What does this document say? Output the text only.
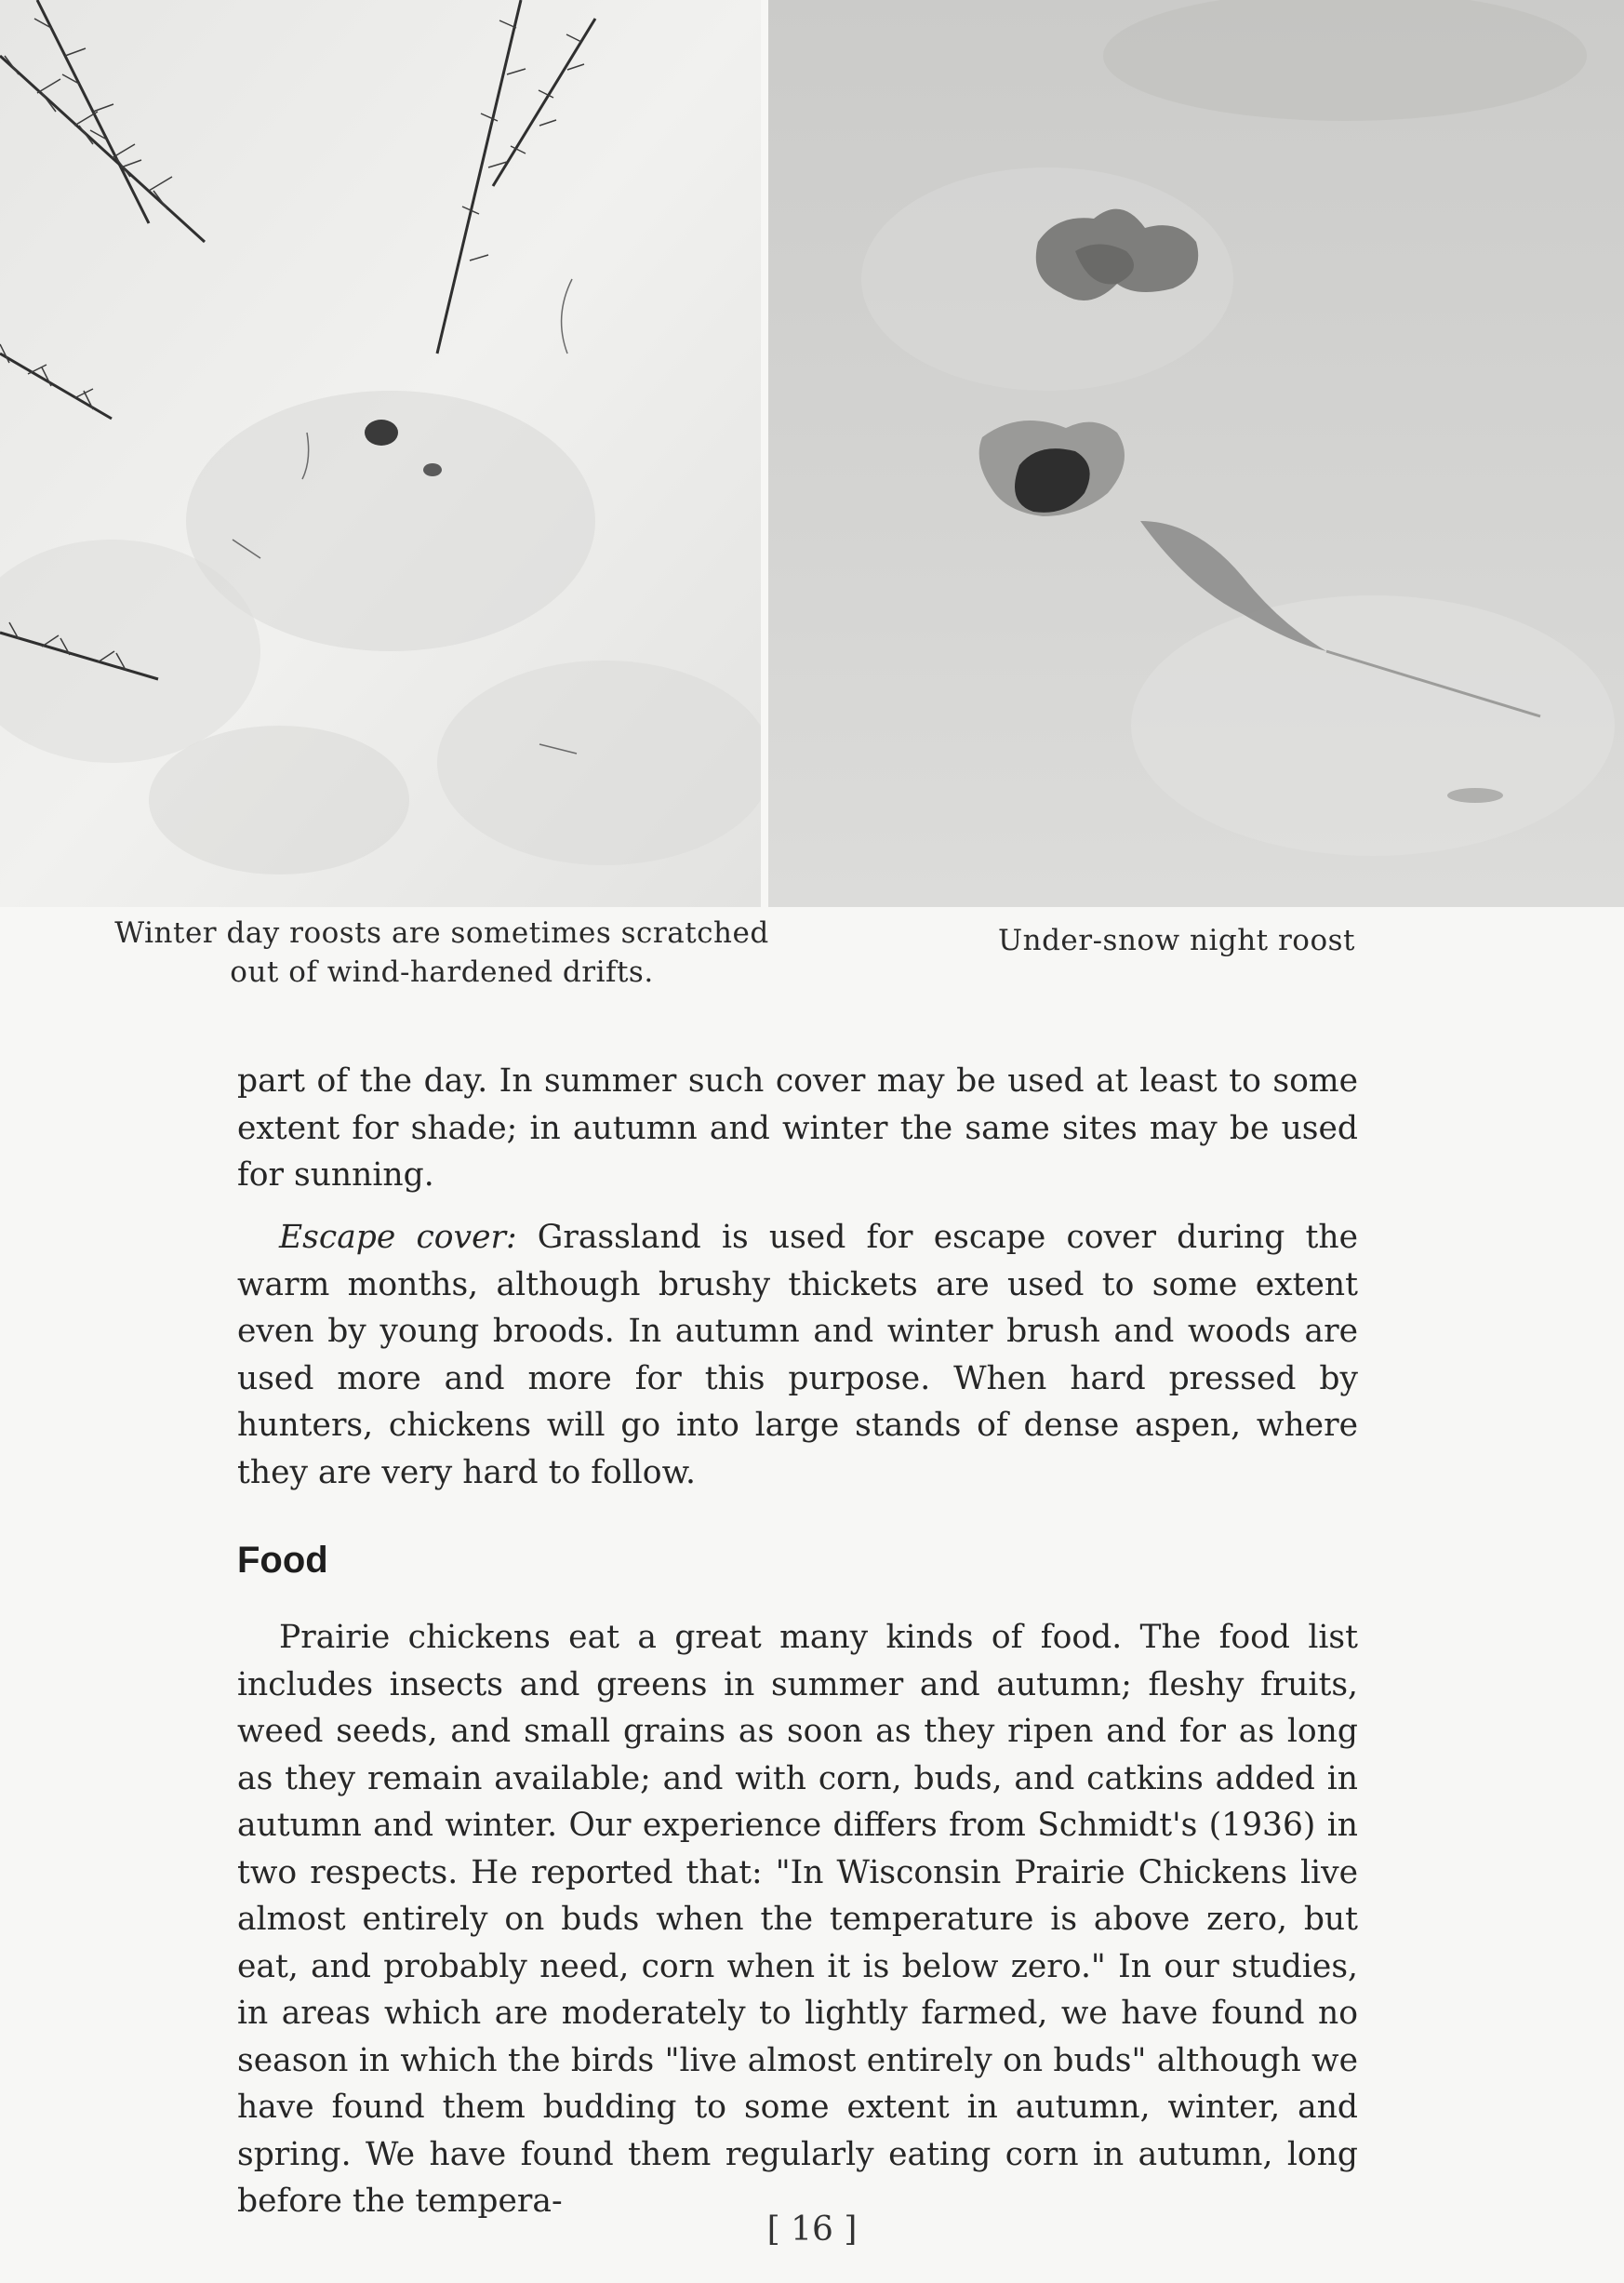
Winter day roosts are sometimes scratched out of wind-hardened drifts.
Under-snow night roost

part of the day. In summer such cover may be used at least to some extent for shade; in autumn and winter the same sites may be used for sunning.

Escape cover: Grassland is used for escape cover during the warm months, although brushy thickets are used to some extent even by young broods. In autumn and winter brush and woods are used more and more for this purpose. When hard pressed by hunters, chickens will go into large stands of dense aspen, where they are very hard to follow.

Food

Prairie chickens eat a great many kinds of food. The food list includes insects and greens in summer and autumn; fleshy fruits, weed seeds, and small grains as soon as they ripen and for as long as they remain available; and with corn, buds, and catkins added in autumn and winter. Our experience differs from Schmidt's (1936) in two respects. He reported that: "In Wisconsin Prairie Chickens live almost entirely on buds when the temperature is above zero, but eat, and probably need, corn when it is below zero." In our studies, in areas which are moderately to lightly farmed, we have found no season in which the birds "live almost entirely on buds" although we have found them budding to some extent in autumn, winter, and spring. We have found them regularly eating corn in autumn, long before the tempera-

[ 16 ]
